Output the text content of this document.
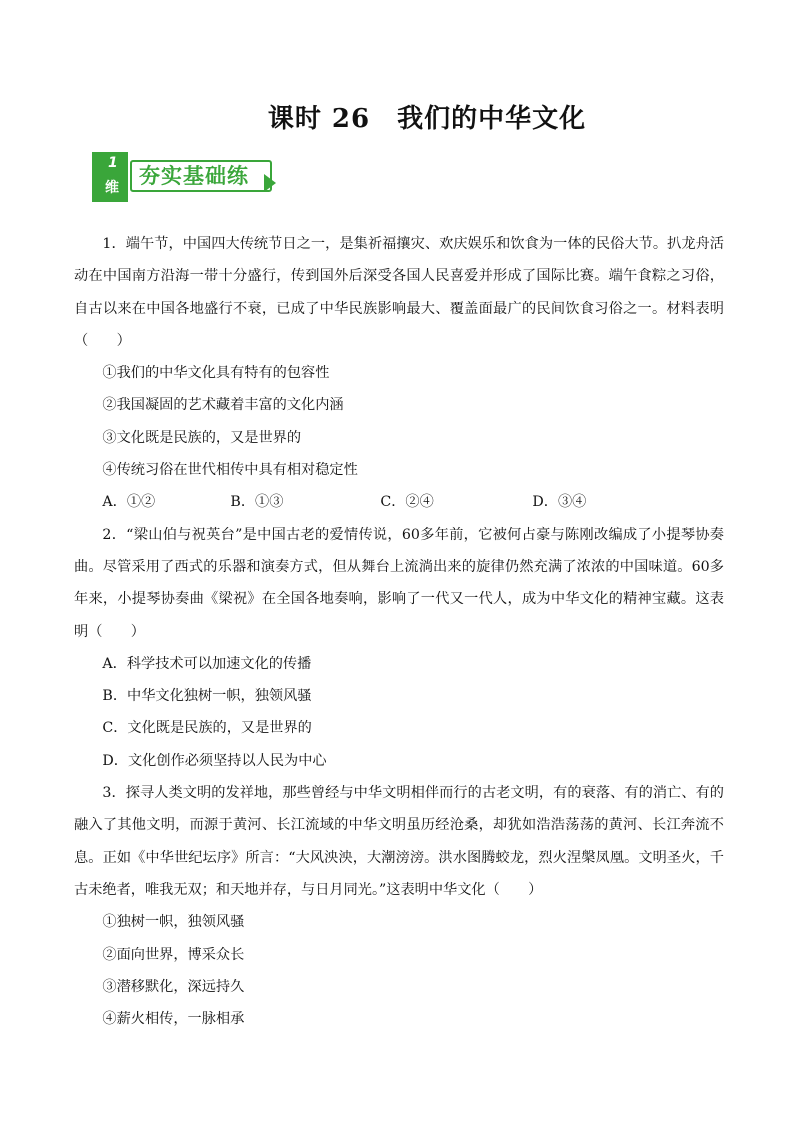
课时 26　我们的中华文化
1
维 夯实基础练

1．端午节，中国四大传统节日之一，是集祈福攘灾、欢庆娱乐和饮食为一体的民俗大节。扒龙舟活动在中国南方沿海一带十分盛行，传到国外后深受各国人民喜爱并形成了国际比赛。端午食粽之习俗，自古以来在中国各地盛行不衰，已成了中华民族影响最大、覆盖面最广的民间饮食习俗之一。材料表明（　　）

①我们的中华文化具有特有的包容性

②我国凝固的艺术藏着丰富的文化内涵

③文化既是民族的，又是世界的

④传统习俗在世代相传中具有相对稳定性

A．①②	B．①③	C．②④	D．③④

2．“梁山伯与祝英台”是中国古老的爱情传说，60多年前，它被何占豪与陈刚改编成了小提琴协奏曲。尽管采用了西式的乐器和演奏方式，但从舞台上流淌出来的旋律仍然充满了浓浓的中国味道。60多年来，小提琴协奏曲《梁祝》在全国各地奏响，影响了一代又一代人，成为中华文化的精神宝藏。这表明（　　）

A．科学技术可以加速文化的传播

B．中华文化独树一帜，独领风骚

C．文化既是民族的，又是世界的

D．文化创作必须坚持以人民为中心

3．探寻人类文明的发祥地，那些曾经与中华文明相伴而行的古老文明，有的衰落、有的消亡、有的融入了其他文明，而源于黄河、长江流域的中华文明虽历经沧桑，却犹如浩浩荡荡的黄河、长江奔流不息。正如《中华世纪坛序》所言：“大风泱泱，大潮滂滂。洪水图腾蛟龙，烈火涅槃凤凰。文明圣火，千古未绝者，唯我无双；和天地并存，与日月同光。”这表明中华文化（　　）

①独树一帜，独领风骚

②面向世界，博采众长

③潜移默化，深远持久

④薪火相传，一脉相承
